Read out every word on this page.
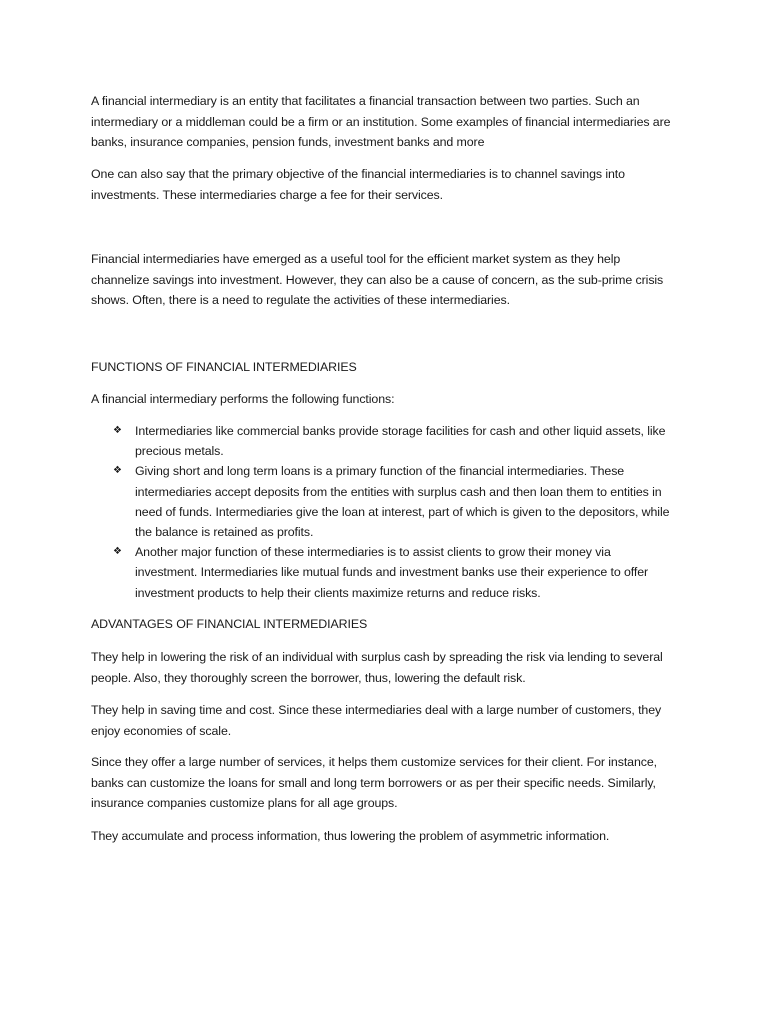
A financial intermediary is an entity that facilitates a financial transaction between two parties. Such an intermediary or a middleman could be a firm or an institution. Some examples of financial intermediaries are banks, insurance companies, pension funds, investment banks and more

One can also say that the primary objective of the financial intermediaries is to channel savings into investments. These intermediaries charge a fee for their services.

Financial intermediaries have emerged as a useful tool for the efficient market system as they help channelize savings into investment. However, they can also be a cause of concern, as the sub-prime crisis shows. Often, there is a need to regulate the activities of these intermediaries.

FUNCTIONS OF FINANCIAL INTERMEDIARIES

A financial intermediary performs the following functions:

❖ Intermediaries like commercial banks provide storage facilities for cash and other liquid assets, like precious metals.
❖ Giving short and long term loans is a primary function of the financial intermediaries. These intermediaries accept deposits from the entities with surplus cash and then loan them to entities in need of funds. Intermediaries give the loan at interest, part of which is given to the depositors, while the balance is retained as profits.
❖ Another major function of these intermediaries is to assist clients to grow their money via investment. Intermediaries like mutual funds and investment banks use their experience to offer investment products to help their clients maximize returns and reduce risks.

ADVANTAGES OF FINANCIAL INTERMEDIARIES

They help in lowering the risk of an individual with surplus cash by spreading the risk via lending to several people. Also, they thoroughly screen the borrower, thus, lowering the default risk.

They help in saving time and cost. Since these intermediaries deal with a large number of customers, they enjoy economies of scale.

Since they offer a large number of services, it helps them customize services for their client. For instance, banks can customize the loans for small and long term borrowers or as per their specific needs. Similarly, insurance companies customize plans for all age groups.

They accumulate and process information, thus lowering the problem of asymmetric information.
